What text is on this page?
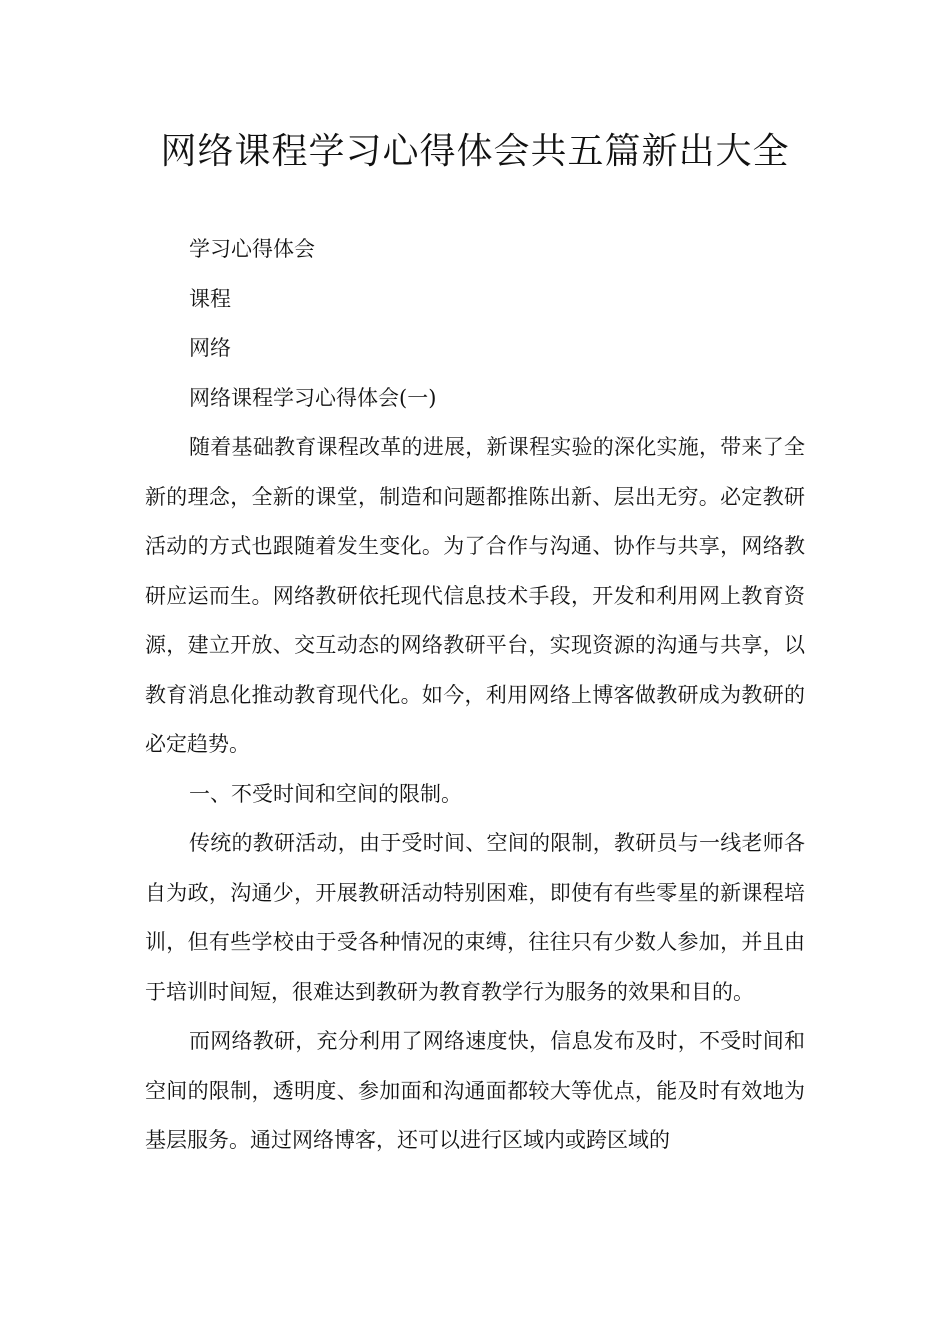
网络课程学习心得体会共五篇新出大全

学习心得体会

课程

网络

网络课程学习心得体会(一)

随着基础教育课程改革的进展，新课程实验的深化实施，带来了全新的理念，全新的课堂，制造和问题都推陈出新、层出无穷。必定教研活动的方式也跟随着发生变化。为了合作与沟通、协作与共享，网络教研应运而生。网络教研依托现代信息技术手段，开发和利用网上教育资源，建立开放、交互动态的网络教研平台，实现资源的沟通与共享，以教育消息化推动教育现代化。如今，利用网络上博客做教研成为教研的必定趋势。

一、不受时间和空间的限制。

传统的教研活动，由于受时间、空间的限制，教研员与一线老师各自为政，沟通少，开展教研活动特别困难，即使有有些零星的新课程培训，但有些学校由于受各种情况的束缚，往往只有少数人参加，并且由于培训时间短，很难达到教研为教育教学行为服务的效果和目的。

而网络教研，充分利用了网络速度快，信息发布及时，不受时间和空间的限制，透明度、参加面和沟通面都较大等优点，能及时有效地为基层服务。通过网络博客，还可以进行区域内或跨区域的
